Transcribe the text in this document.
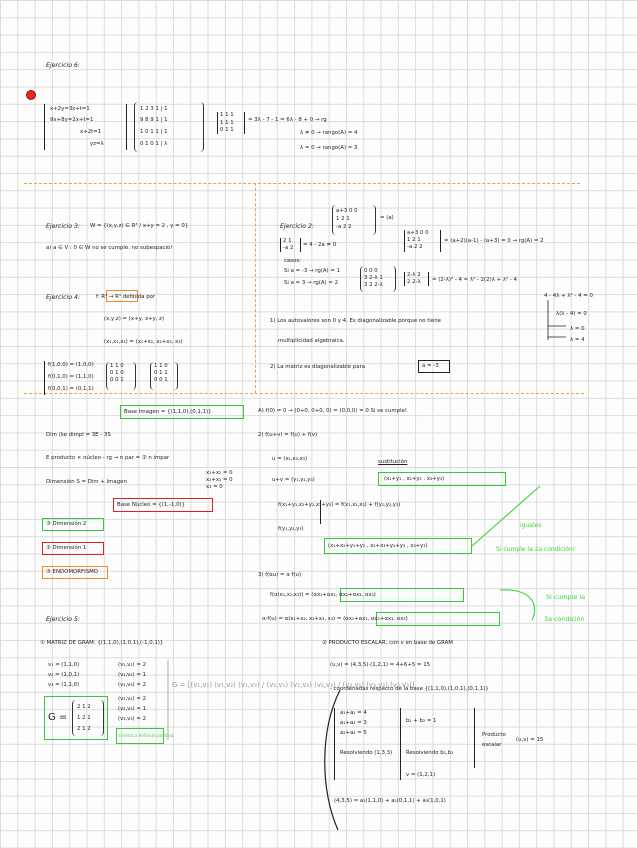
Ejercicio 6:
x+2y=3z+t=1
9x+8y=2x+t=1
x+2t=1
yz=λ
1 2 3 1 | 1
9 8 9 1 | 1
1 0 1 1 | 1
0 1 0 1 | λ
1 1 1
1 1 1
0 1 1
= 3λ - 7 - 1 = 6λ - 8 + 0 → rg
λ ≠ 0 → rango(A) = 4
λ = 0 → rango(A) = 3
Ejercicio 3: W = {(x,y,z) ∈ R³ / x+y = 2 , y = 0}
a) a ∈ V : 0 ∈ W no se cumple. no subespacio!
Ejercicio 2:
a+3 0 0
1 2 1
-a 2 2
= (a)
2 1
-a 2 = 4 - 2a ≠ 0
a+3 0 0
1 2 1
-a 2 2
= (a+2)(a-1) - (a+3) = 0 → rg(A) = 2
casos:
Si a = -3 → rg(A) = 1
Si a = 3 → rg(A) = 2
0 0 0
3 2-λ 1
3 2 2-λ
2-λ 2
2 2-λ = (2-λ)² - 4 = λ² - 2(2)λ + λ² - 4
4 - 4λ + λ² - 4 = 0
λ(λ - 4) = 0
λ = 0
λ = 4
1) Los autovalores son 0 y 4. Es diagonalizable porque no tiene
multiplicidad algebraica.
2) La matriz es diagonalizable para	a = -3
Ejercicio 4:	f: R³ → R³ definida por
(x,y,z) = (x+y, z+y, z)
(x₁,x₂,x₃) = (x₁+x₂, x₂+x₃, x₃)
f(1,0,0) = (1,0,0)
f(0,1,0) = (1,1,0)
f(0,0,1) = (0,1,1)
1 1 0
0 1 0
0 0 1
1 1 0
0 1 1
0 0 1
Base Imagen = {(1,1,0),(0,1,1)}
Dim ⟨ke dimpl = 3E - 3S
E producto × núcleo - rg → n par = ② n impar
Dimensión S = Dim + Imagen
x₁+x₂ = 0
x₂+x₃ = 0
x₃ = 0
Base Núcleo = {(1,-1,0)}
③ Dimensión 2
② Dimensión 1
③ ENDOMORFISMO
A) f(0) = 0 → (0+0, 0+0, 0) = (0,0,0) = 0 Si se cumple!
2) f(u+v) = f(u) + f(v)
u = (x₁,x₂,x₃)	sustitución
u+v = (y₁,y₂,y₃)	(x₁+y₁ , x₂+y₂ , x₃+y₃)
f(x₁+y₁,x₂+y₂,x₃+y₃) = f(x₁,x₂,x₃) + f(y₁,y₂,y₃)
f(y₁,y₂,y₃)
(x₁+x₂+y₁+y₂ , x₂+x₃+y₂+y₃ , x₃+y₃)
iguales
Si cumple la 2a condición!
3) f(αu) = α f(u)
f(α(x₁,x₂,x₃)) = (αx₁+αx₂, αx₂+αx₃, αx₃)
α·f(u) = α(x₁+x₂, x₂+x₃, x₃) = (αx₁+αx₂, αx₂+αx₃, αx₃)
Si cumple la
3a condición
Ejercicio 5:
① MATRIZ DE GRAM: {(1,1,0),(1,0,1),(-1,0,1)}
v₁ = (1,1,0)
v₂ = (1,0,1)
v₃ = (1,1,0)
(v₁,v₁) = 2
(v₁,v₂) = 1
(v₁,v₃) = 2
(v₂,v₂) = 2
(v₂,v₃) = 1
(v₃,v₃) = 2
simétrica definida positiva
G =
2 1 2
1 2 1
2 1 2
G = [(v₁,v₁) (v₁,v₂) (v₁,v₃) / (v₂,v₁) (v₂,v₂) (v₂,v₃) / (v₃,v₁) (v₃,v₂) (v₃,v₃)]
② PRODUCTO ESCALAR, con v en base de GRAM
(u,v) = (4,3,5)·(1,2,1) = 4+6+5 = 15
- coordenadas respecto de la base {(1,1,0),(1,0,1),(0,1,1)}
a₁+a₂ = 4
a₁+a₃ = 3
a₂+a₃ = 5
Resolviendo (1,3,3)
b₁ + b₂ = 1
Resolviendo b₁,b₂
v = (1,2,1)
Producto
escalar
(u,v) = 15
(4,3,5) = a₁(1,1,0) + a₂(0,1,1) + a₃(1,0,1)
